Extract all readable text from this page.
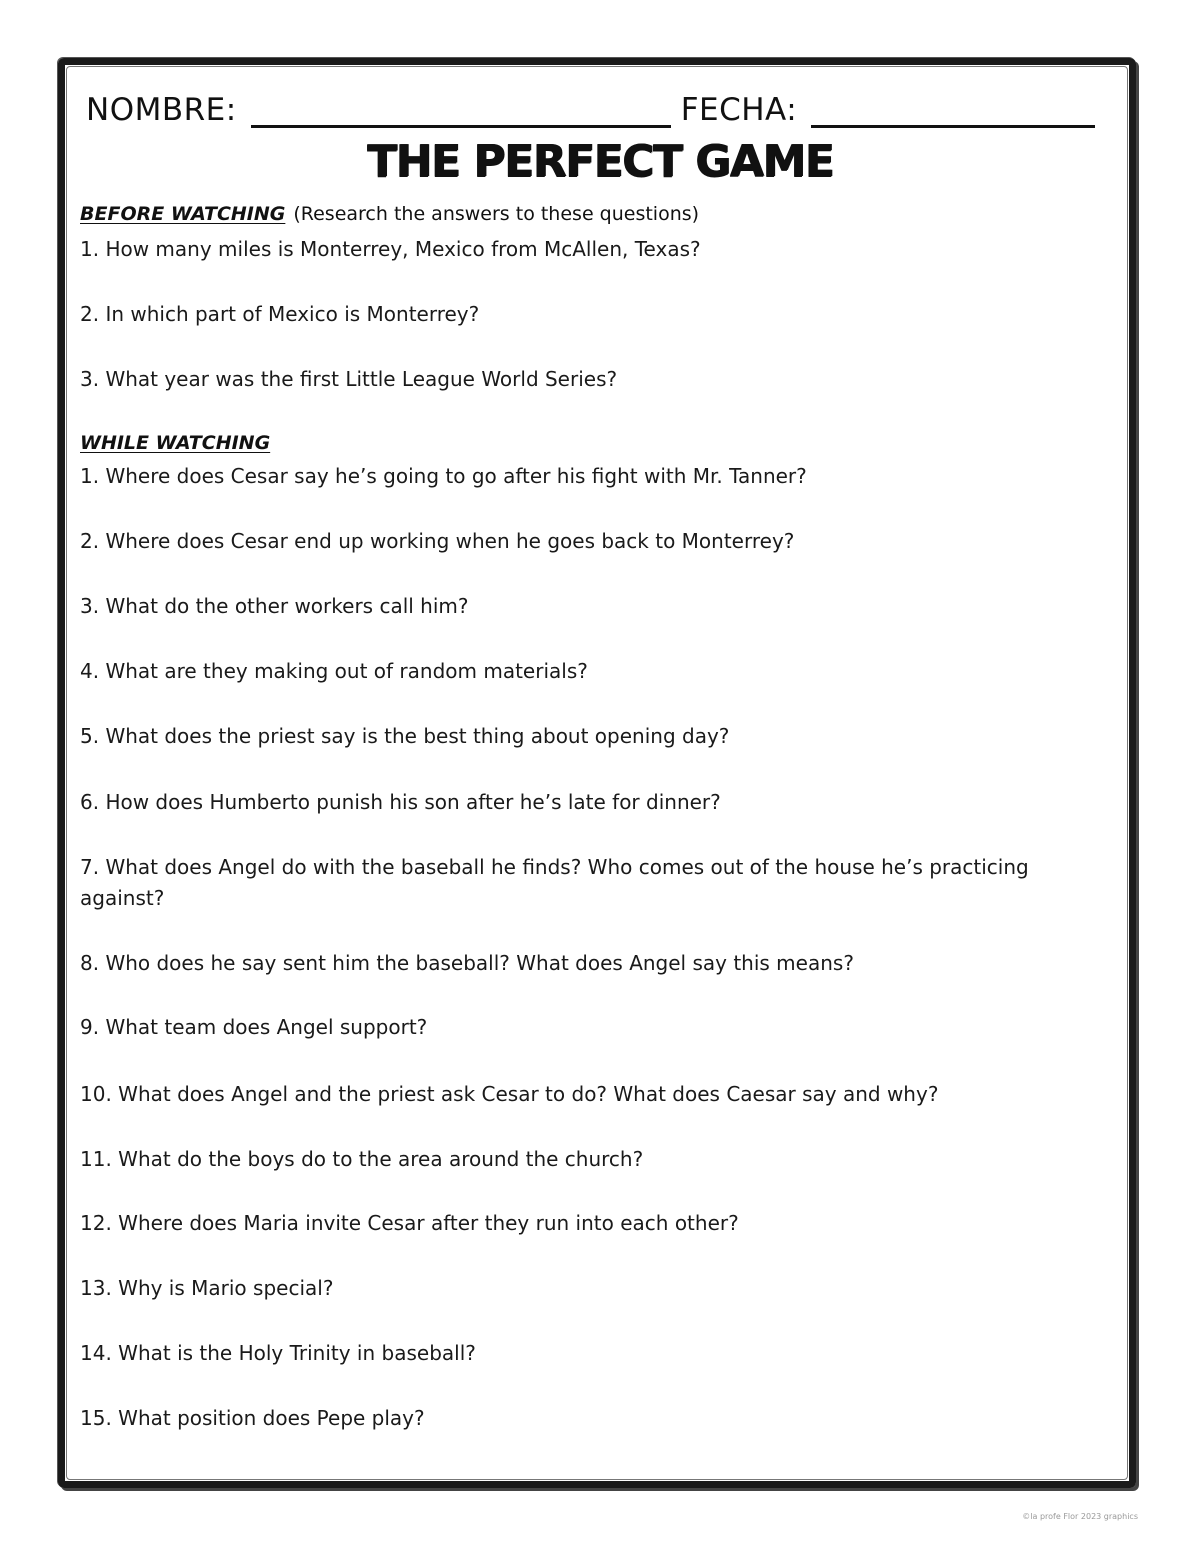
NOMBRE:	FECHA:
THE PERFECT GAME
BEFORE WATCHING (Research the answers to these questions)
1. How many miles is Monterrey, Mexico from McAllen, Texas?
2. In which part of Mexico is Monterrey?
3. What year was the first Little League World Series?
WHILE WATCHING
1. Where does Cesar say he’s going to go after his fight with Mr. Tanner?
2. Where does Cesar end up working when he goes back to Monterrey?
3. What do the other workers call him?
4. What are they making out of random materials?
5. What does the priest say is the best thing about opening day?
6. How does Humberto punish his son after he’s late for dinner?
7. What does Angel do with the baseball he finds? Who comes out of the house he’s practicing against?
8. Who does he say sent him the baseball? What does Angel say this means?
9. What team does Angel support?
10. What does Angel and the priest ask Cesar to do? What does Caesar say and why?
11. What do the boys do to the area around the church?
12. Where does Maria invite Cesar after they run into each other?
13. Why is Mario special?
14. What is the Holy Trinity in baseball?
15. What position does Pepe play?
©la profe Flor 2023 graphics
